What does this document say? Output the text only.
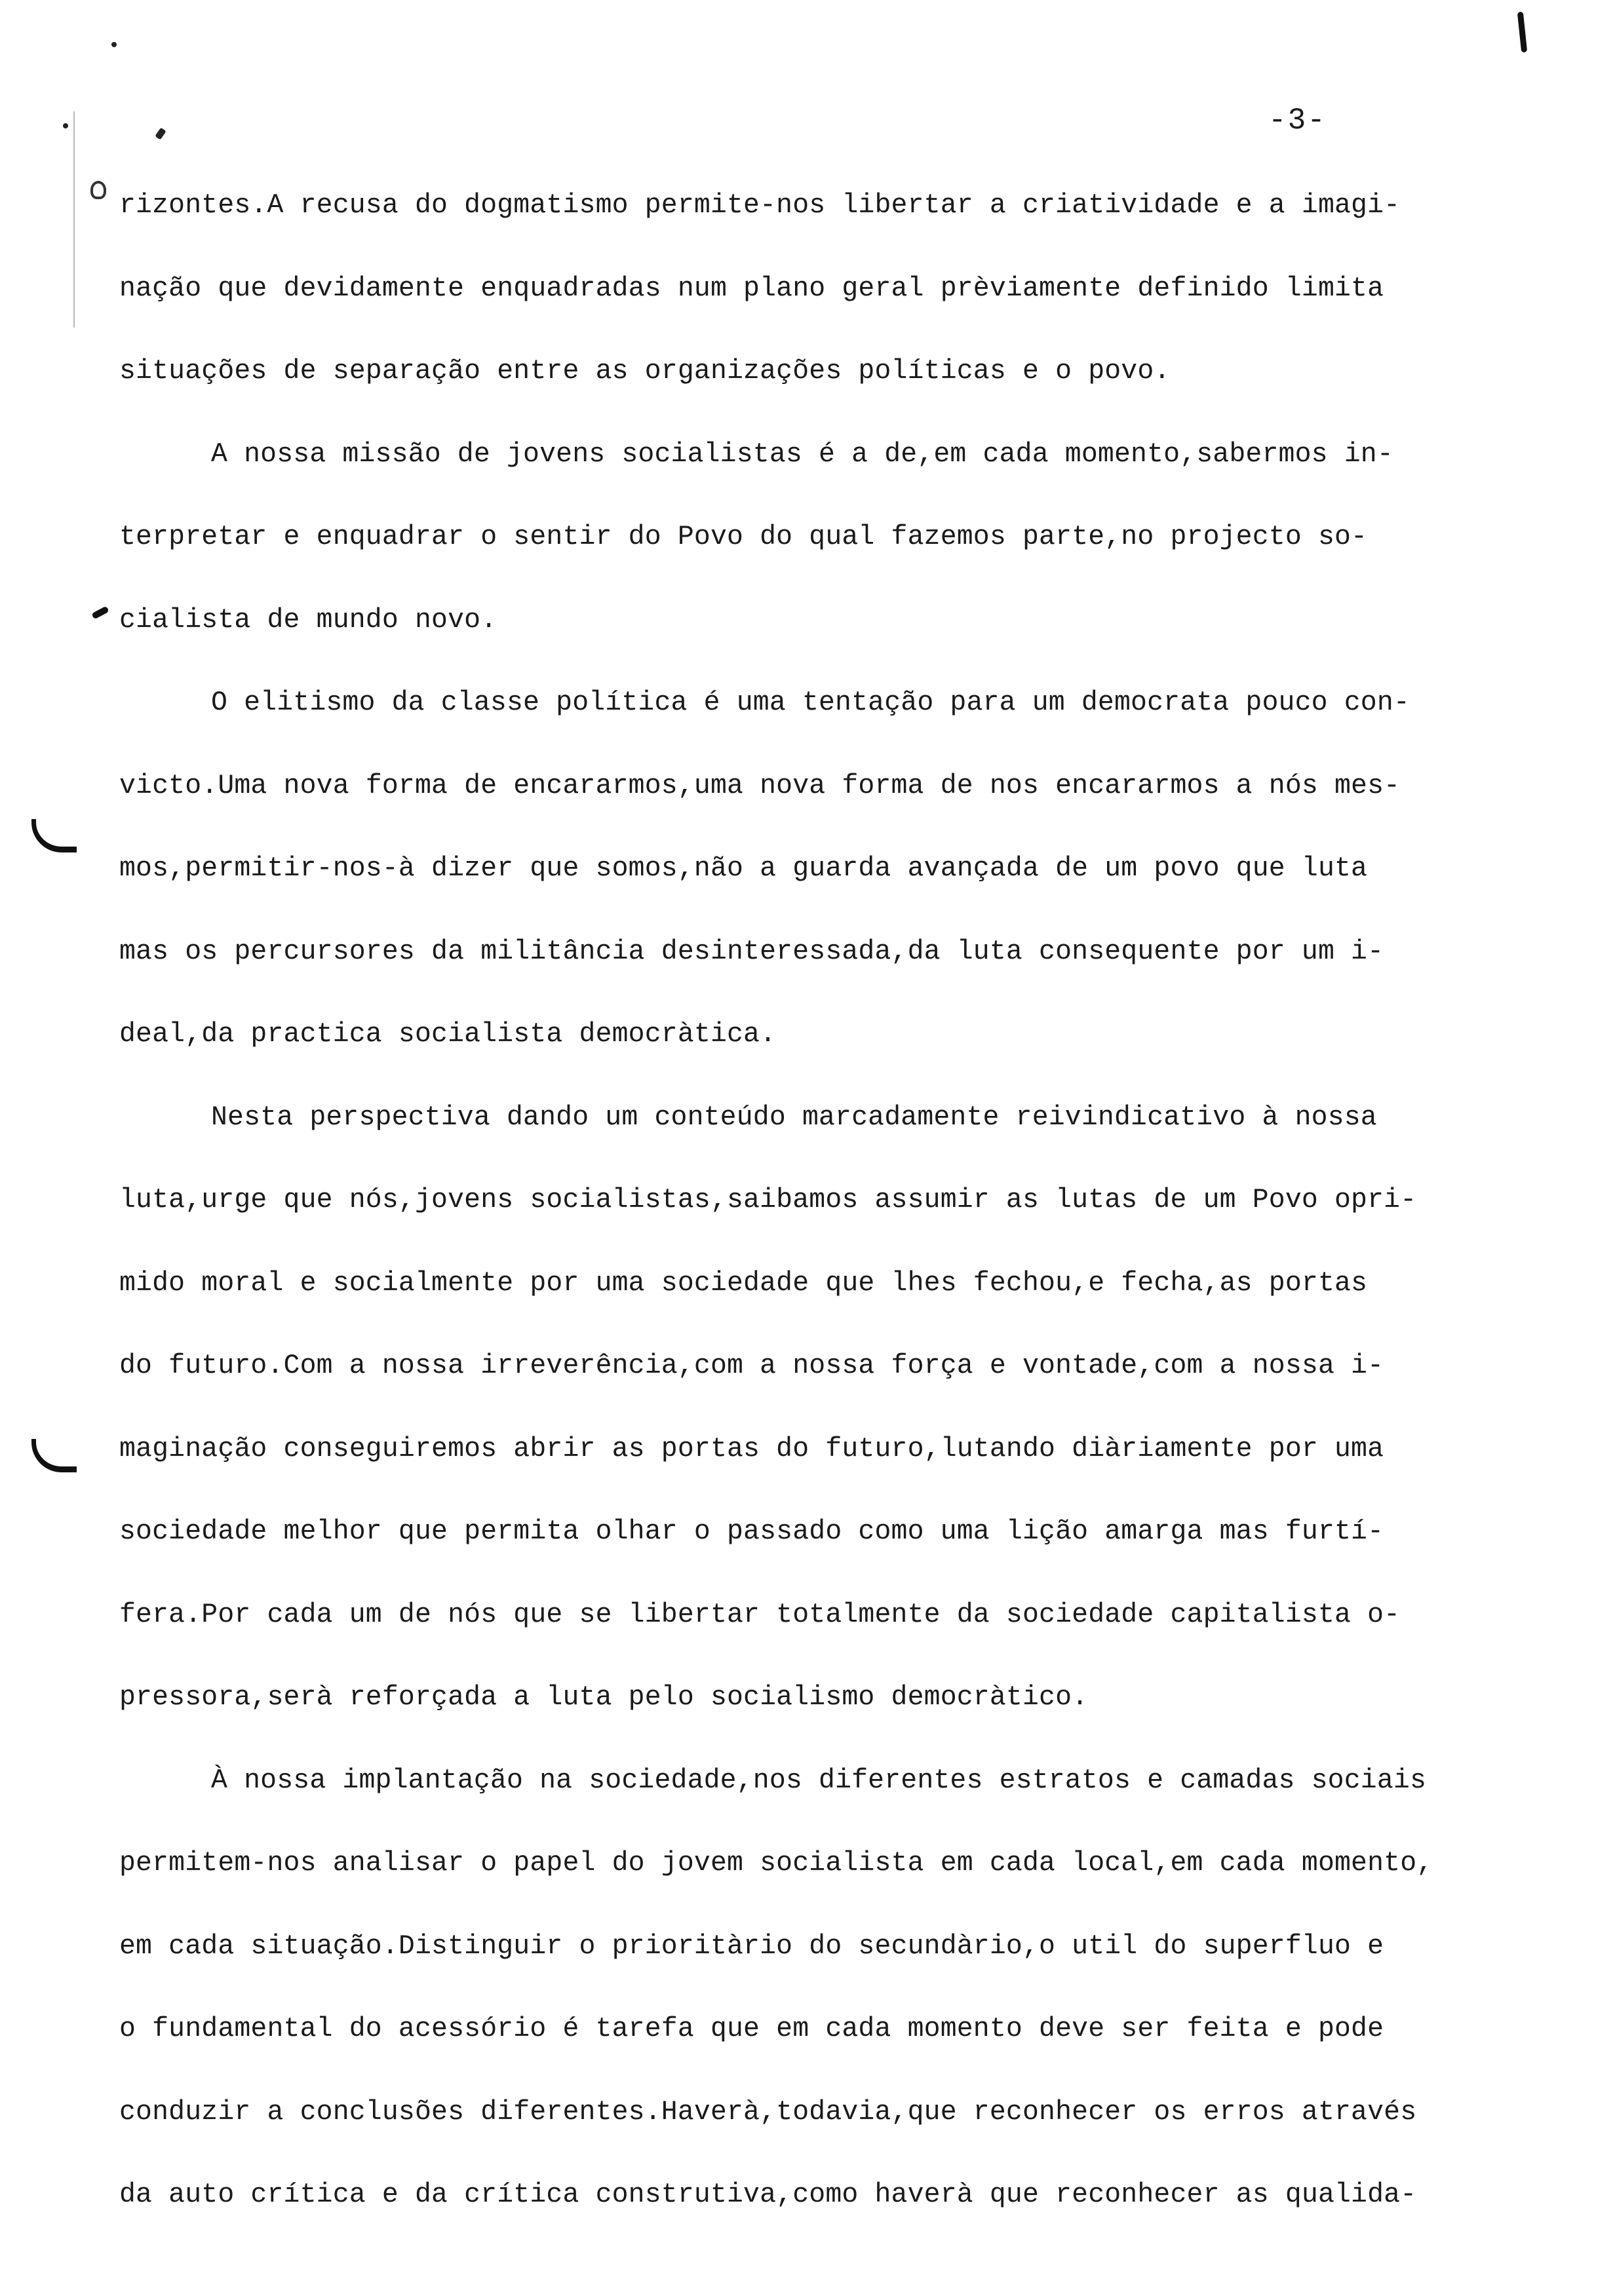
-3-
rizontes.A recusa do dogmatismo permite-nos libertar a criatividade e a imagi-
nação que devidamente enquadradas num plano geral prèviamente definido limita
situações de separação entre as organizações políticas e o povo.
A nossa missão de jovens socialistas é a de,em cada momento,sabermos in-
terpretar e enquadrar o sentir do Povo do qual fazemos parte,no projecto so-
cialista de mundo novo.
O elitismo da classe política é uma tentação para um democrata pouco con-
victo.Uma nova forma de encararmos,uma nova forma de nos encararmos a nós mes-
mos,permitir-nos-à dizer que somos,não a guarda avançada de um povo que luta
mas os percursores da militância desinteressada,da luta consequente por um i-
deal,da practica socialista democràtica.
Nesta perspectiva dando um conteúdo marcadamente reivindicativo à nossa
luta,urge que nós,jovens socialistas,saibamos assumir as lutas de um Povo opri-
mido moral e socialmente por uma sociedade que lhes fechou,e fecha,as portas
do futuro.Com a nossa irreverência,com a nossa força e vontade,com a nossa i-
maginação conseguiremos abrir as portas do futuro,lutando diàriamente por uma
sociedade melhor que permita olhar o passado como uma lição amarga mas furtí-
fera.Por cada um de nós que se libertar totalmente da sociedade capitalista o-
pressora,serà reforçada a luta pelo socialismo democràtico.
À nossa implantação na sociedade,nos diferentes estratos e camadas sociais
permitem-nos analisar o papel do jovem socialista em cada local,em cada momento,
em cada situação.Distinguir o prioritàrio do secundàrio,o util do superfluo e
o fundamental do acessório é tarefa que em cada momento deve ser feita e pode
conduzir a conclusões diferentes.Haverà,todavia,que reconhecer os erros através
da auto crítica e da crítica construtiva,como haverà que reconhecer as qualida-
